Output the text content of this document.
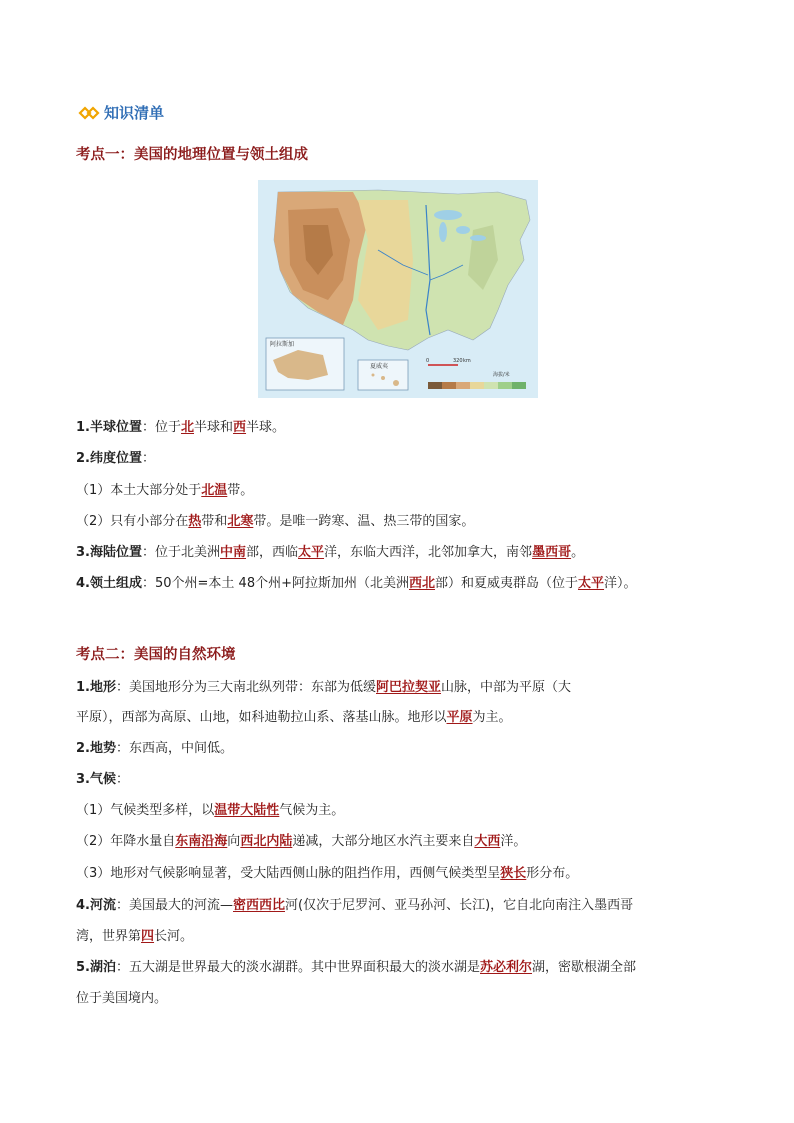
知识清单
考点一：美国的地理位置与领土组成
阿拉斯加
夏威夷
0	320 km
海拔/米
1.半球位置：位于北半球和西半球。
2.纬度位置：
（1）本土大部分处于北温带。
（2）只有小部分在热带和北寒带。是唯一跨寒、温、热三带的国家。
3.海陆位置：位于北美洲中南部，西临太平洋，东临大西洋，北邻加拿大，南邻墨西哥。
4.领土组成：50个州=本土 48个州+阿拉斯加州（北美洲西北部）和夏威夷群岛（位于太平洋）。
考点二：美国的自然环境
1.地形：美国地形分为三大南北纵列带：东部为低缓阿巴拉契亚山脉，中部为平原（大
平原），西部为高原、山地，如科迪勒拉山系、落基山脉。地形以平原为主。
2.地势：东西高，中间低。
3.气候：
（1）气候类型多样，以温带大陆性气候为主。
（2）年降水量自东南沿海向西北内陆递减，大部分地区水汽主要来自大西洋。
（3）地形对气候影响显著，受大陆西侧山脉的阻挡作用，西侧气候类型呈狭长形分布。
4.河流：美国最大的河流—密西西比河(仅次于尼罗河、亚马孙河、长江)，它自北向南注入墨西哥
湾，世界第四长河。
5.湖泊：五大湖是世界最大的淡水湖群。其中世界面积最大的淡水湖是苏必利尔湖，密歇根湖全部
位于美国境内。
